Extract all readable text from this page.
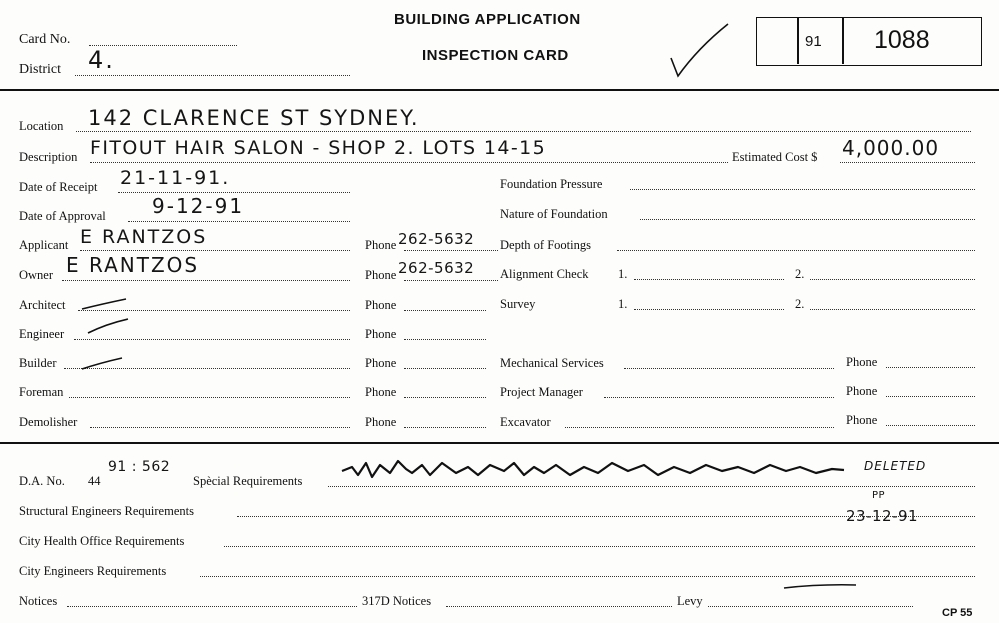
Card No.
District 4.
BUILDING APPLICATION
INSPECTION CARD
91 1088
Location 142 CLARENCE ST SYDNEY.
Description FITOUT HAIR SALON - SHOP 2. LOTS 14-15	Estimated Cost $ 4,000.00
Date of Receipt 21-11-91.	Foundation Pressure
Date of Approval 9-12-91	Nature of Foundation
Applicant E RANTZOS	Phone 262-5632 Depth of Footings
Owner E RANTZOS	Phone 262-5632 Alignment Check 1.	2.
Architect	Phone	Survey	1.	2.
Engineer	Phone
Builder	Phone	Mechanical Services	Phone
Foreman	Phone	Project Manager	Phone
Demolisher	Phone	Excavator	Phone
D.A. No. 44
91 : 562
Spècial Requirements
DELETED
PP
23-12-91
Structural Engineers Requirements
City Health Office Requirements
City Engineers Requirements
Notices	317D Notices	Levy
CP 55
